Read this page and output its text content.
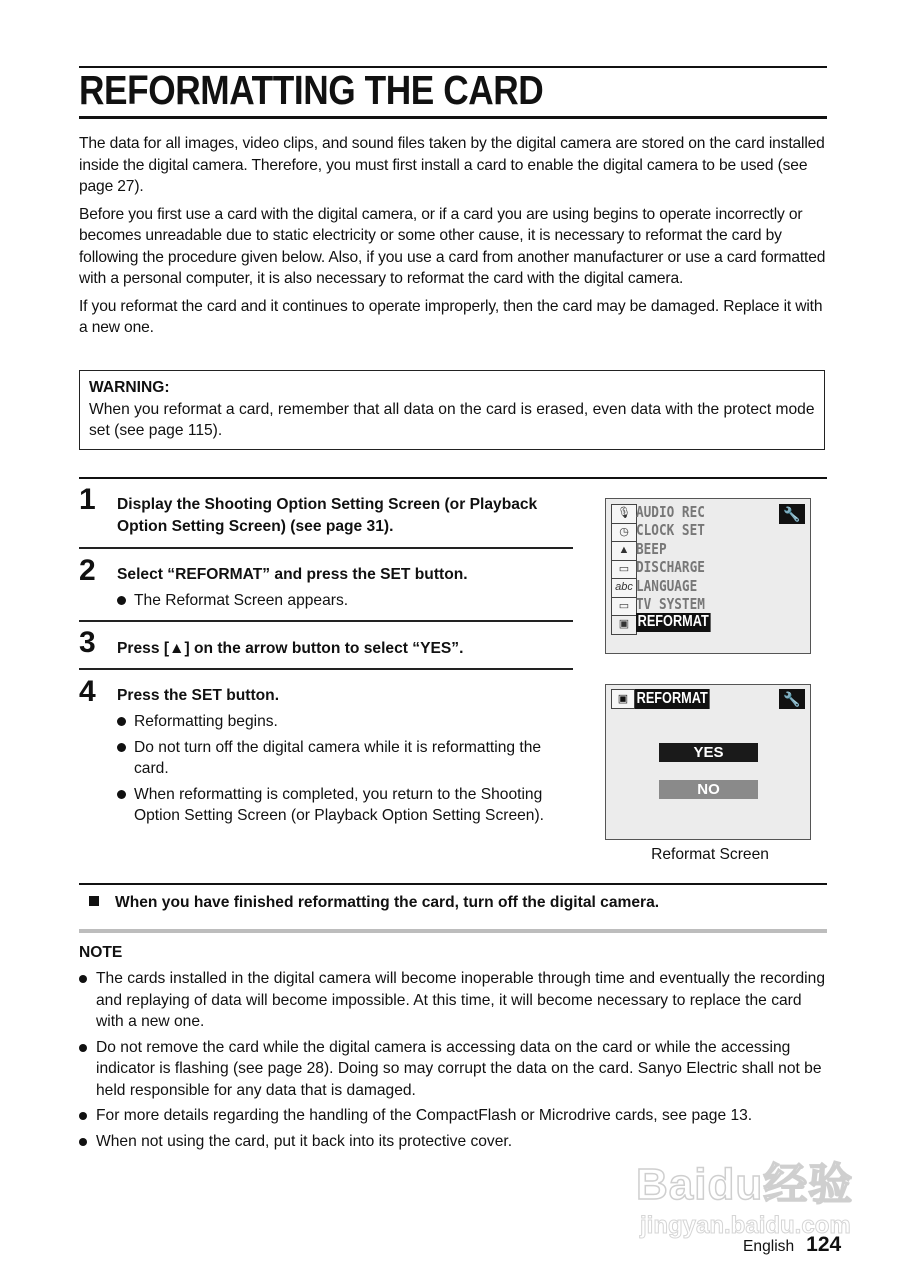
REFORMATTING THE CARD

The data for all images, video clips, and sound files taken by the digital camera are stored on the card installed inside the digital camera. Therefore, you must first install a card to enable the digital camera to be used (see page 27).

Before you first use a card with the digital camera, or if a card you are using begins to operate incorrectly or becomes unreadable due to static electricity or some other cause, it is necessary to reformat the card by following the procedure given below. Also, if you use a card from another manufacturer or use a card formatted with a personal computer, it is also necessary to reformat the card with the digital camera.

If you reformat the card and it continues to operate improperly, then the card may be damaged. Replace it with a new one.

WARNING:
When you reformat a card, remember that all data on the card is erased, even data with the protect mode set (see page 115).
1 Display the Shooting Option Setting Screen (or Playback Option Setting Screen) (see page 31).
2 Select “REFORMAT” and press the SET button.
The Reformat Screen appears.
3 Press [▲] on the arrow button to select “YES”.
4 Press the SET button.
Reformatting begins.
Do not turn off the digital camera while it is reformatting the card.
When reformatting is completed, you return to the Shooting Option Setting Screen (or Playback Option Setting Screen).
🎙
◷
▲
▭
abc
▭
▣
AUDIO REC
CLOCK SET
BEEP
DISCHARGE
LANGUAGE
TV SYSTEM
REFORMAT
🔧
▣ REFORMAT	🔧
YES
NO
Reformat Screen
When you have finished reformatting the card, turn off the digital camera.
NOTE
The cards installed in the digital camera will become inoperable through time and eventually the recording and replaying of data will become impossible. At this time, it will become necessary to replace the card with a new one.
Do not remove the card while the digital camera is accessing data on the card or while the accessing indicator is flashing (see page 28). Doing so may corrupt the data on the card. Sanyo Electric shall not be held responsible for any data that is damaged.
For more details regarding the handling of the CompactFlash or Microdrive cards, see page 13.
When not using the card, put it back into its protective cover.
Baidu经验
jingyan.baidu.com
English 124
